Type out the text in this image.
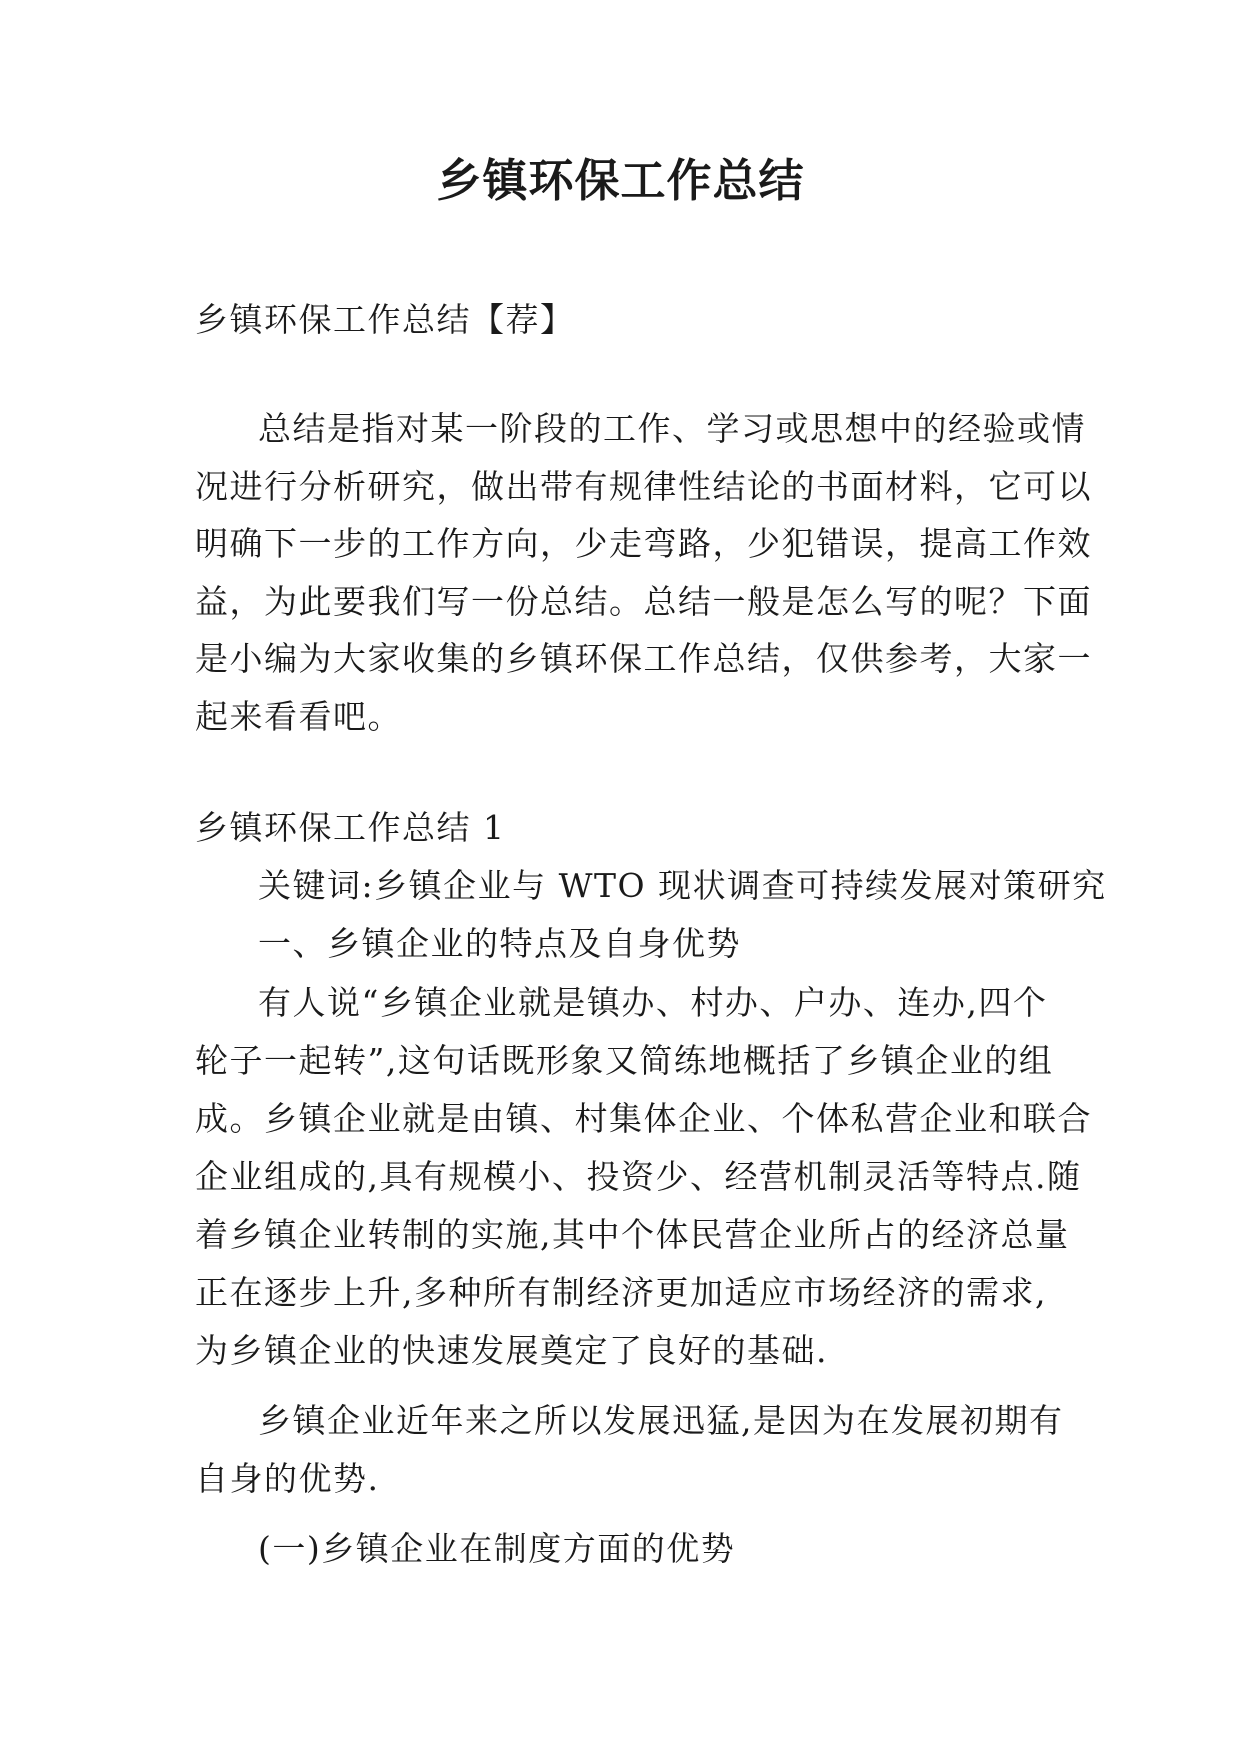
乡镇环保工作总结
乡镇环保工作总结【荐】
总结是指对某一阶段的工作、学习或思想中的经验或情
况进行分析研究，做出带有规律性结论的书面材料，它可以
明确下一步的工作方向，少走弯路，少犯错误，提高工作效
益，为此要我们写一份总结。总结一般是怎么写的呢？下面
是小编为大家收集的乡镇环保工作总结，仅供参考，大家一
起来看看吧。
乡镇环保工作总结 1
关键词:乡镇企业与 WTO 现状调查可持续发展对策研究
一、乡镇企业的特点及自身优势
有人说“乡镇企业就是镇办、村办、户办、连办,四个
轮子一起转”,这句话既形象又简练地概括了乡镇企业的组
成。乡镇企业就是由镇、村集体企业、个体私营企业和联合
企业组成的,具有规模小、投资少、经营机制灵活等特点.随
着乡镇企业转制的实施,其中个体民营企业所占的经济总量
正在逐步上升,多种所有制经济更加适应市场经济的需求,
为乡镇企业的快速发展奠定了良好的基础.
乡镇企业近年来之所以发展迅猛,是因为在发展初期有
自身的优势.
(一)乡镇企业在制度方面的优势
